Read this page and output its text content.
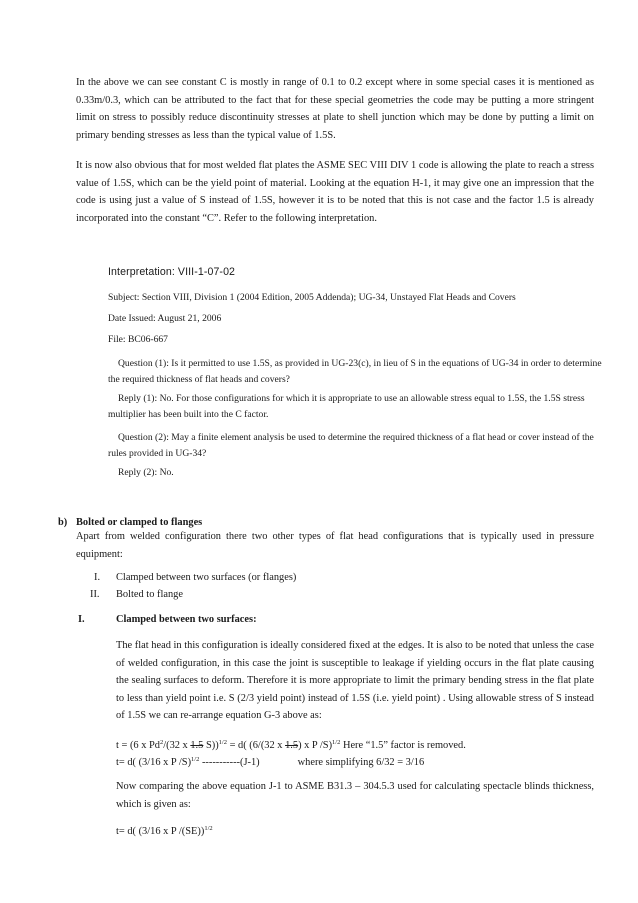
In the above we can see constant C is mostly in range of 0.1 to 0.2 except where in some special cases it is mentioned as 0.33m/0.3, which can be attributed to the fact that for these special geometries the code may be putting a more stringent limit on stress to possibly reduce discontinuity stresses at plate to shell junction which may be done by putting a limit on primary bending stresses as less than the typical value of 1.5S.

It is now also obvious that for most welded flat plates the ASME SEC VIII DIV 1 code is allowing the plate to reach a stress value of 1.5S, which can be the yield point of material. Looking at the equation H-1, it may give one an impression that the code is using just a value of S instead of 1.5S, however it is to be noted that this is not case and the factor 1.5 is already incorporated into the constant “C”. Refer to the following interpretation.

Interpretation: VIII-1-07-02
Subject: Section VIII, Division 1 (2004 Edition, 2005 Addenda); UG-34, Unstayed Flat Heads and Covers
Date Issued: August 21, 2006
File: BC06-667

Question (1): Is it permitted to use 1.5S, as provided in UG-23(c), in lieu of S in the equations of UG-34 in order to determine the required thickness of flat heads and covers?

Reply (1): No. For those configurations for which it is appropriate to use an allowable stress equal to 1.5S, the 1.5S stress multiplier has been built into the C factor.

Question (2): May a finite element analysis be used to determine the required thickness of a flat head or cover instead of the rules provided in UG-34?

Reply (2): No.

b) Bolted or clamped to flanges

Apart from welded configuration there two other types of flat head configurations that is typically used in pressure equipment:

I. Clamped between two surfaces (or flanges)
II. Bolted to flange
I.	Clamped between two surfaces:

The flat head in this configuration is ideally considered fixed at the edges. It is also to be noted that unless the case of welded configuration, in this case the joint is susceptible to leakage if yielding occurs in the flat plate causing the sealing surfaces to deform. Therefore it is more appropriate to limit the primary bending stress in the flat plate to less than yield point i.e. S (2/3 yield point) instead of 1.5S (i.e. yield point) . Using allowable stress of S instead of 1.5S we can re-arrange equation G-3 above as:

t = (6 x Pd$^2$/(32 x 1.5 S))$^{1/2}$ = d( (6/(32 x 1.5) x P /S)$^{1/2}$ Here “1.5” factor is removed.
t= d( (3/16 x P /S)$^{1/2}$ -----------(J-1)	where simplifying 6/32 = 3/16

Now comparing the above equation J-1 to ASME B31.3 – 304.5.3 used for calculating spectacle blinds thickness, which is given as:

t= d( (3/16 x P /(SE))$^{1/2}$
